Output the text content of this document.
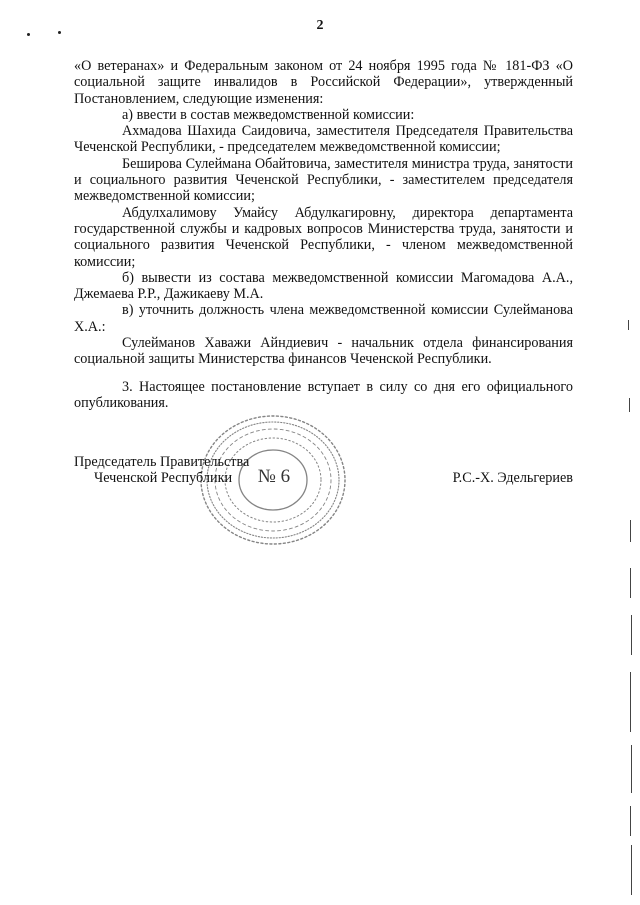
2

«О ветеранах» и Федеральным законом от 24 ноября 1995 года № 181-ФЗ «О социальной защите инвалидов в Российской Федерации», утвержденный Постановлением, следующие изменения:

а) ввести в состав межведомственной комиссии:

Ахмадова Шахида Саидовича, заместителя Председателя Правительства Чеченской Республики, - председателем межведомственной комиссии;

Беширова Сулеймана Обайтовича, заместителя министра труда, занятости и социального развития Чеченской Республики, - заместителем председателя межведомственной комиссии;

Абдулхалимову Умайсу Абдулкагировну, директора департамента государственной службы и кадровых вопросов Министерства труда, занятости и социального развития Чеченской Республики, - членом межведомственной комиссии;

б) вывести из состава межведомственной комиссии Магомадова А.А., Джемаева Р.Р., Дажикаеву М.А.

в) уточнить должность члена межведомственной комиссии Сулейманова Х.А.:

Сулейманов Хаважи Айндиевич - начальник отдела финансирования социальной защиты Министерства финансов Чеченской Республики.

3. Настоящее постановление вступает в силу со дня его официального опубликования.

№ 6
Председатель Правительства
Чеченской Республики	Р.С.-Х. Эдельгериев
